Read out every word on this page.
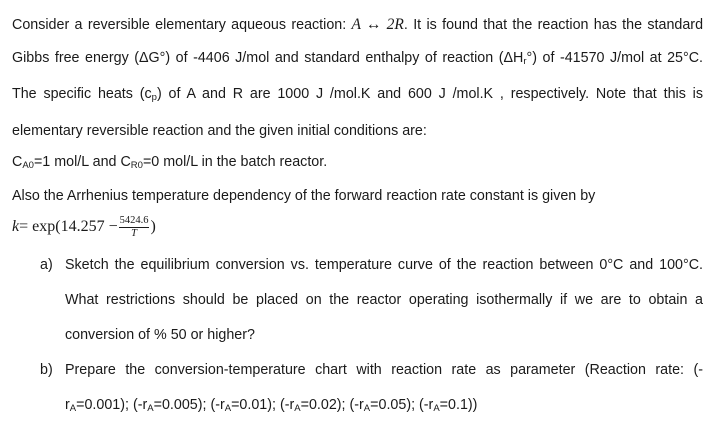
Consider a reversible elementary aqueous reaction: A ↔ 2R. It is found that the reaction has the standard Gibbs free energy (ΔG°) of -4406 J/mol and standard enthalpy of reaction $(\Delta H_r^\circ)$ of -41570 J/mol at 25°C. The specific heats $(c_p)$ of A and R are 1000 J /mol.K and 600 J /mol.K , respectively. Note that this is elementary reversible reaction and the given initial conditions are:

$C_{A0}=1$ mol/L and $C_{R0}=0$ mol/L in the batch reactor.

Also the Arrhenius temperature dependency of the forward reaction rate constant is given by

$k = \exp(14.257 - \frac{5424.6}{T}$ )
a) Sketch the equilibrium conversion vs. temperature curve of the reaction between 0°C and 100°C. What restrictions should be placed on the reactor operating isothermally if we are to obtain a conversion of % 50 or higher?

b) Prepare the conversion-temperature chart with reaction rate as parameter (Reaction rate: $(-r_A=0.001)$; $(-r_A=0.005)$; $(-r_A=0.01)$; $(-r_A=0.02)$; $(-r_A=0.05)$; $(-r_A=0.1)$)
